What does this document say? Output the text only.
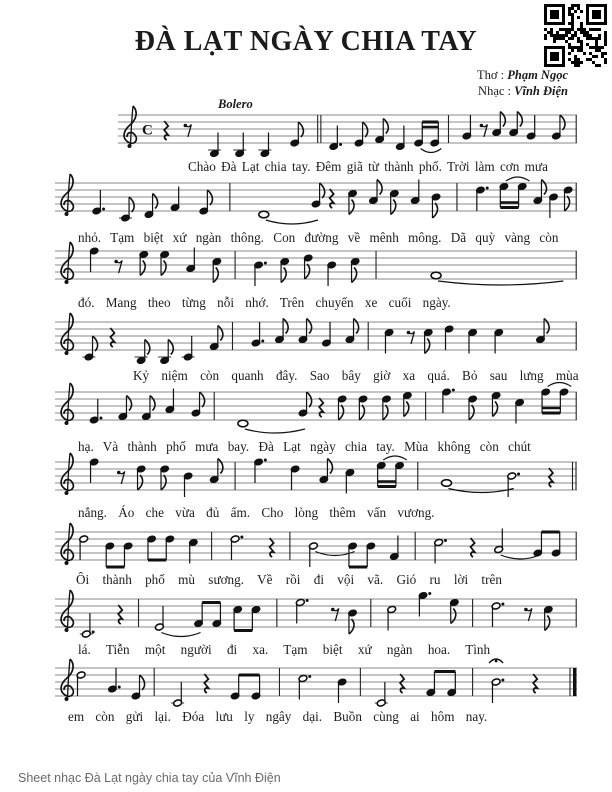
ĐÀ LẠT NGÀY CHIA TAY
Thơ : Phạm Ngọc
Nhạc : Vĩnh Điện
Bolero
C
Chào Đà Lạt chia tay. Đêm giã từ thành phố. Trời làm cơn mưa
nhỏ. Tạm biệt xứ ngàn thông. Con đường về mênh mông. Dã quỳ vàng còn
đó. Mang theo từng nỗi nhớ. Trên chuyến xe cuối ngày.
Kỷ niệm còn quanh đây. Sao bây giờ xa quá. Bỏ sau lưng mùa
hạ. Và thành phố mưa bay. Đà Lạt ngày chia tay. Mùa không còn chút
nắng. Áo che vừa đủ ấm. Cho lòng thêm vấn vương.
Ôi thành phố mù sương. Về rồi đi vội vã. Gió ru lời trên
lá. Tiễn một người đi xa. Tạm biệt xứ ngàn hoa. Tình
em còn gửi lại. Đóa lưu ly ngây dại. Buồn cùng ai hôm nay.
Sheet nhạc Đà Lạt ngày chia tay của Vĩnh Điện
